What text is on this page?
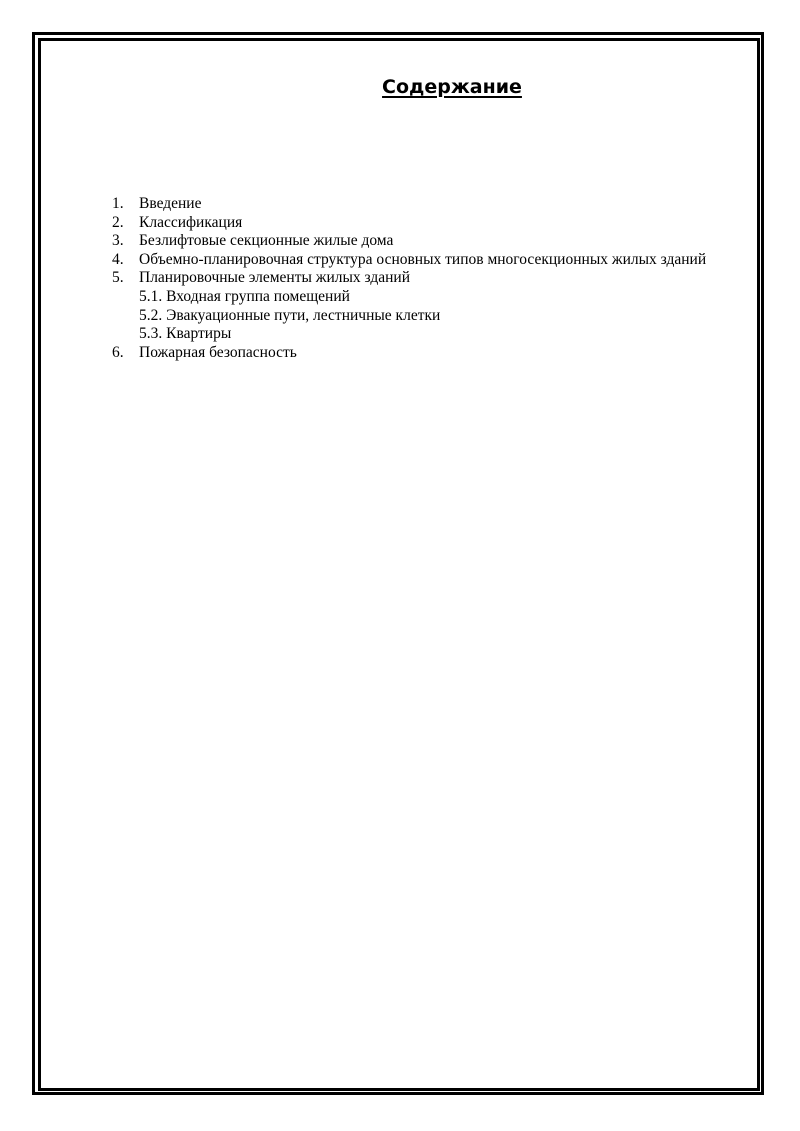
Содержание
1. Введение
2. Классификация
3. Безлифтовые секционные жилые дома
4. Объемно-планировочная структура основных типов многосекционных жилых зданий
5. Планировочные элементы жилых зданий
5.1. Входная группа помещений
5.2. Эвакуационные пути, лестничные клетки
5.3. Квартиры
6. Пожарная безопасность
